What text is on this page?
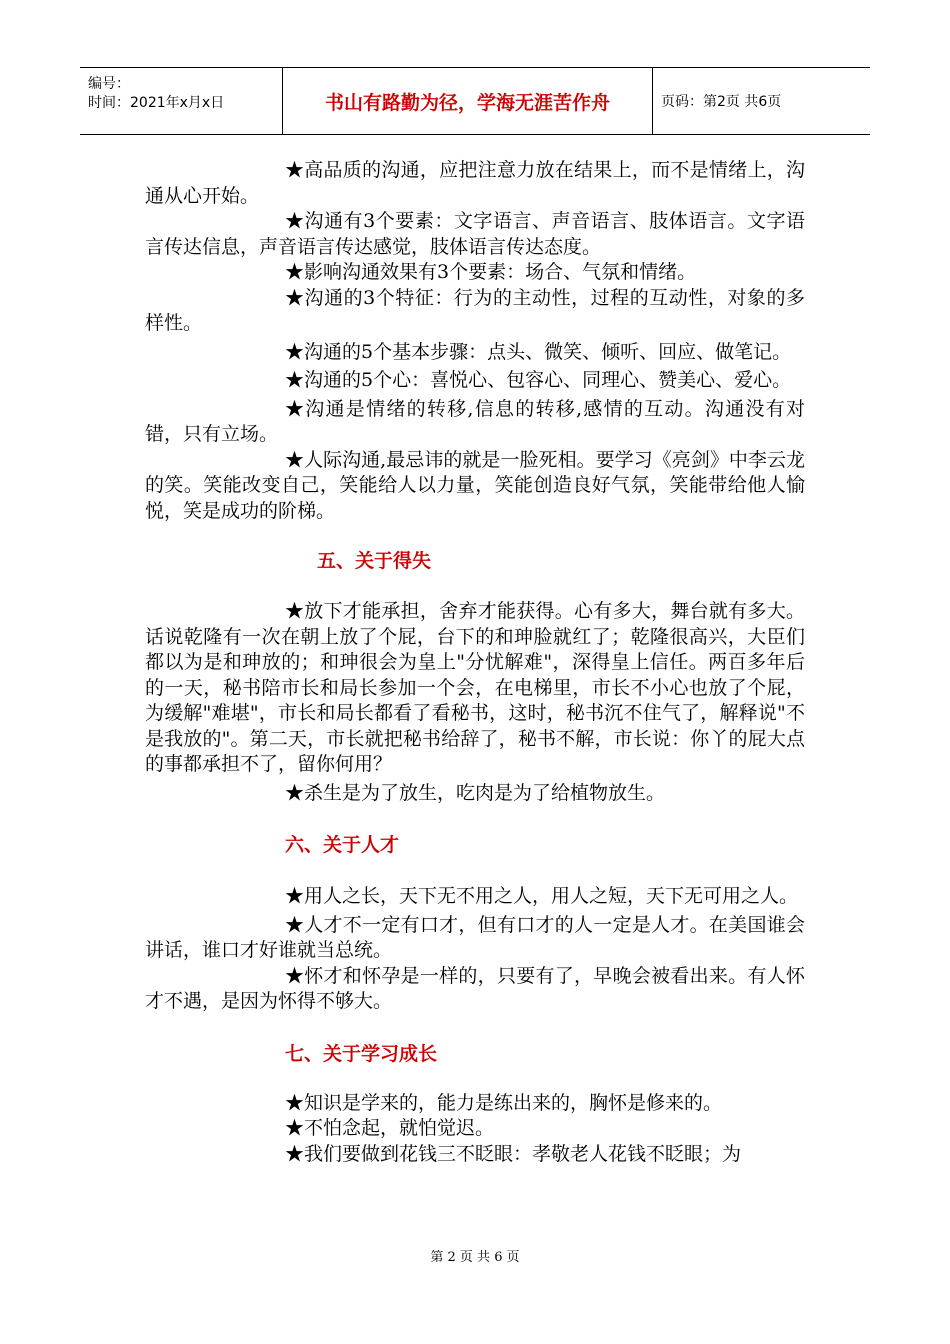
编号：
时间：2021年x月x日	书山有路勤为径，学海无涯苦作舟	页码：第2页 共6页

★高品质的沟通，应把注意力放在结果上，而不是情绪上，沟通从心开始。

★沟通有3个要素：文字语言、声音语言、肢体语言。文字语言传达信息，声音语言传达感觉，肢体语言传达态度。

★影响沟通效果有3个要素：场合、气氛和情绪。

★沟通的3个特征：行为的主动性，过程的互动性，对象的多样性。

★沟通的5个基本步骤：点头、微笑、倾听、回应、做笔记。

★沟通的5个心：喜悦心、包容心、同理心、赞美心、爱心。

★沟通是情绪的转移,信息的转移,感情的互动。沟通没有对错，只有立场。

★人际沟通,最忌讳的就是一脸死相。要学习《亮剑》中李云龙的笑。笑能改变自己，笑能给人以力量，笑能创造良好气氛，笑能带给他人愉悦，笑是成功的阶梯。

五、关于得失

★放下才能承担，舍弃才能获得。心有多大，舞台就有多大。话说乾隆有一次在朝上放了个屁，台下的和珅脸就红了；乾隆很高兴，大臣们都以为是和珅放的；和珅很会为皇上"分忧解难"，深得皇上信任。两百多年后的一天，秘书陪市长和局长参加一个会，在电梯里，市长不小心也放了个屁，为缓解"难堪"，市长和局长都看了看秘书，这时，秘书沉不住气了，解释说"不是我放的"。第二天，市长就把秘书给辞了，秘书不解，市长说：你丫的屁大点的事都承担不了，留你何用？

★杀生是为了放生，吃肉是为了给植物放生。

六、关于人才

★用人之长，天下无不用之人，用人之短，天下无可用之人。

★人才不一定有口才，但有口才的人一定是人才。在美国谁会讲话，谁口才好谁就当总统。

★怀才和怀孕是一样的，只要有了，早晚会被看出来。有人怀才不遇，是因为怀得不够大。

七、关于学习成长

★知识是学来的，能力是练出来的，胸怀是修来的。

★不怕念起，就怕觉迟。

★我们要做到花钱三不眨眼：孝敬老人花钱不眨眼；为

第 2 页 共 6 页
